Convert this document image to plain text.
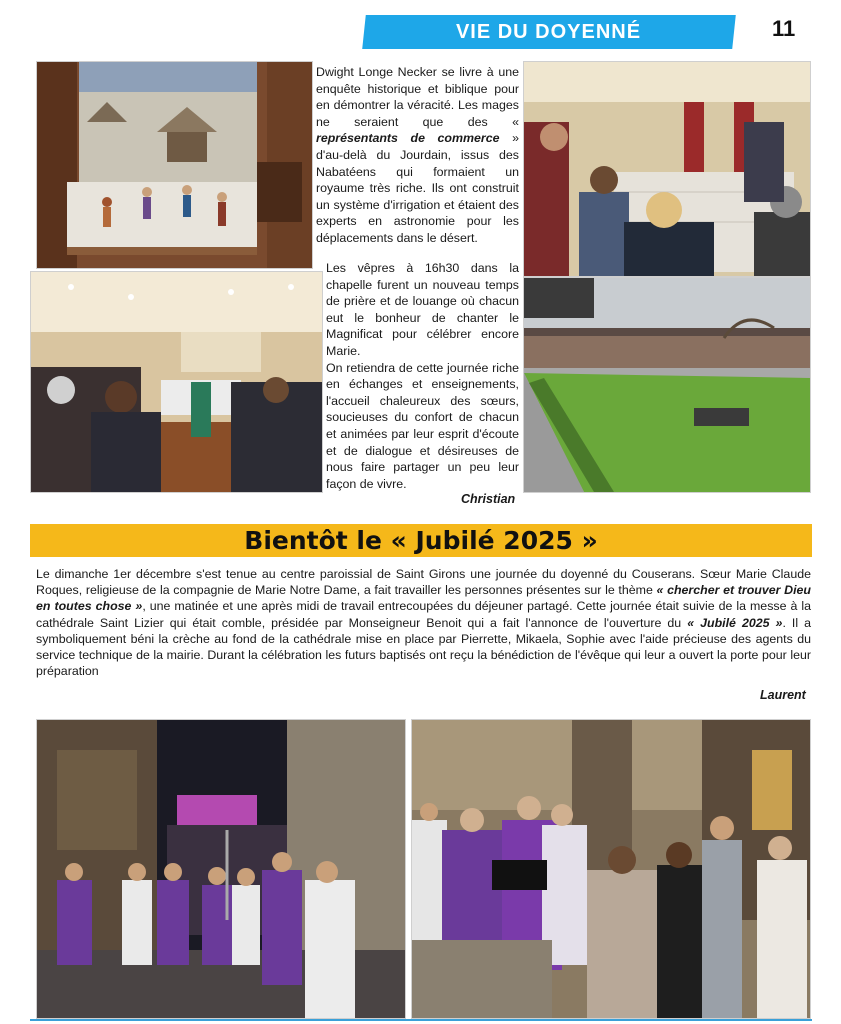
VIE DU DOYENNÉ	11

Dwight Longe Necker se livre à une enquête historique et biblique pour en démontrer la véracité. Les mages ne seraient que des « représentants de commerce » d'au-delà du Jourdain, issus des Nabatéens qui formaient un royaume très riche. Ils ont construit un système d'irrigation et étaient des experts en astronomie pour les déplacements dans le désert.

Les vêpres à 16h30 dans la chapelle furent un nouveau temps de prière et de louange où chacun eut le bonheur de chanter le Magnificat pour célébrer encore Marie.

On retiendra de cette journée riche en échanges et enseignements, l'accueil chaleureux des sœurs, soucieuses du confort de chacun et animées par leur esprit d'écoute et de dialogue et désireuses de nous faire partager un peu leur façon de vivre.

Christian
Bientôt le « Jubilé 2025 »
Le dimanche 1er décembre s'est tenue au centre paroissial de Saint Girons une journée du doyenné du Couserans. Sœur Marie Claude Roques, religieuse de la compagnie de Marie Notre Dame, a fait travailler les personnes présentes sur le thème « chercher et trouver Dieu en toutes chose », une matinée et une après midi de travail entrecoupées du déjeuner partagé. Cette journée était suivie de la messe à la cathédrale Saint Lizier qui était comble, présidée par Monseigneur Benoit qui a fait l'annonce de l'ouverture du « Jubilé 2025 ». Il a symboliquement béni la crèche au fond de la cathédrale mise en place par Pierrette, Mikaela, Sophie avec l'aide précieuse des agents du service technique de la mairie. Durant la célébration les futurs baptisés ont reçu la bénédiction de l'évêque qui leur a ouvert la porte pour leur préparation
Laurent
